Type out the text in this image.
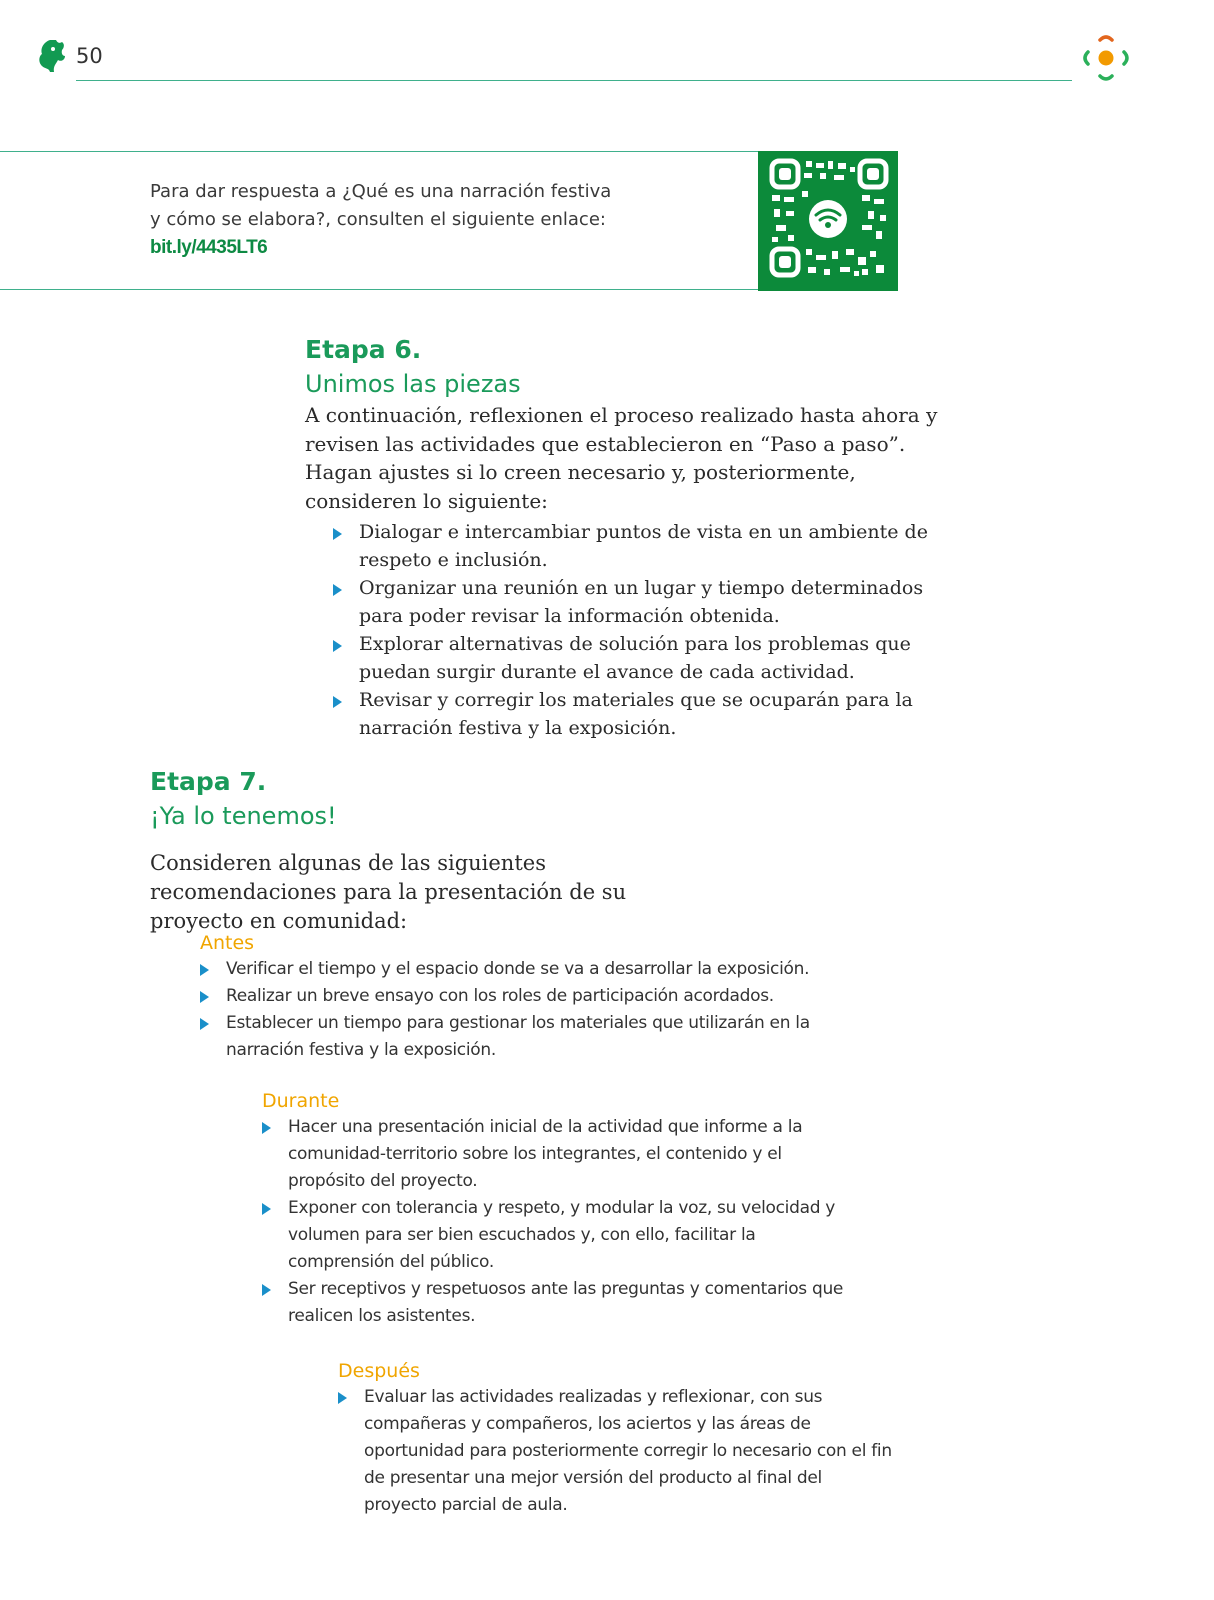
50
Para dar respuesta a ¿Qué es una narración festiva
y cómo se elabora?, consulten el siguiente enlace:
bit.ly/4435LT6
Etapa 6.
Unimos las piezas
A continuación, reflexionen el proceso realizado hasta ahora y revisen las actividades que establecieron en “Paso a paso”. Hagan ajustes si lo creen necesario y, posteriormente, consideren lo siguiente:
Dialogar e intercambiar puntos de vista en un ambiente de respeto e inclusión.
Organizar una reunión en un lugar y tiempo determinados para poder revisar la información obtenida.
Explorar alternativas de solución para los problemas que puedan surgir durante el avance de cada actividad.
Revisar y corregir los materiales que se ocuparán para la narración festiva y la exposición.
Etapa 7.
¡Ya lo tenemos!
Consideren algunas de las siguientes recomendaciones para la presentación de su proyecto en comunidad:
Antes
Verificar el tiempo y el espacio donde se va a desarrollar la exposición.
Realizar un breve ensayo con los roles de participación acordados.
Establecer un tiempo para gestionar los materiales que utilizarán en la narración festiva y la exposición.
Durante
Hacer una presentación inicial de la actividad que informe a la comunidad-territorio sobre los integrantes, el contenido y el propósito del proyecto.
Exponer con tolerancia y respeto, y modular la voz, su velocidad y volumen para ser bien escuchados y, con ello, facilitar la comprensión del público.
Ser receptivos y respetuosos ante las preguntas y comentarios que realicen los asistentes.
Después
Evaluar las actividades realizadas y reflexionar, con sus compañeras y compañeros, los aciertos y las áreas de oportunidad para posteriormente corregir lo necesario con el fin de presentar una mejor versión del producto al final del proyecto parcial de aula.
